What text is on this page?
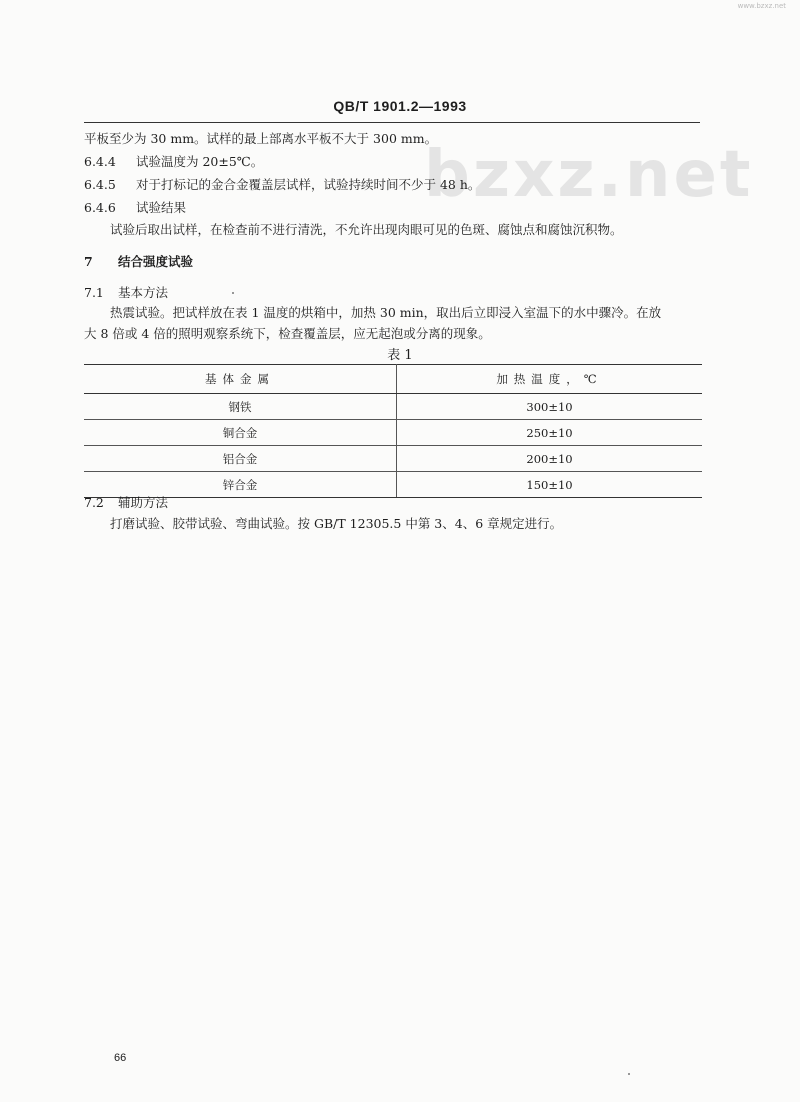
www.bzxz.net
QB/T 1901.2—1993
bzxz.net
平板至少为 30 mm。试样的最上部离水平板不大于 300 mm。
6.4.4 试验温度为 20±5℃。
6.4.5 对于打标记的金合金覆盖层试样，试验持续时间不少于 48 h。
6.4.6 试验结果
试验后取出试样，在检查前不进行清洗，不允许出现肉眼可见的色斑、腐蚀点和腐蚀沉积物。
7 结合强度试验
7.1 基本方法
热震试验。把试样放在表 1 温度的烘箱中，加热 30 min，取出后立即浸入室温下的水中骤冷。在放
大 8 倍或 4 倍的照明观察系统下，检查覆盖层，应无起泡或分离的现象。
表 1
基体金属	加热温度，℃
钢铁	300±10
铜合金	250±10
铝合金	200±10
锌合金	150±10
7.2 辅助方法
打磨试验、胶带试验、弯曲试验。按 GB/T 12305.5 中第 3、4、6 章规定进行。
66
